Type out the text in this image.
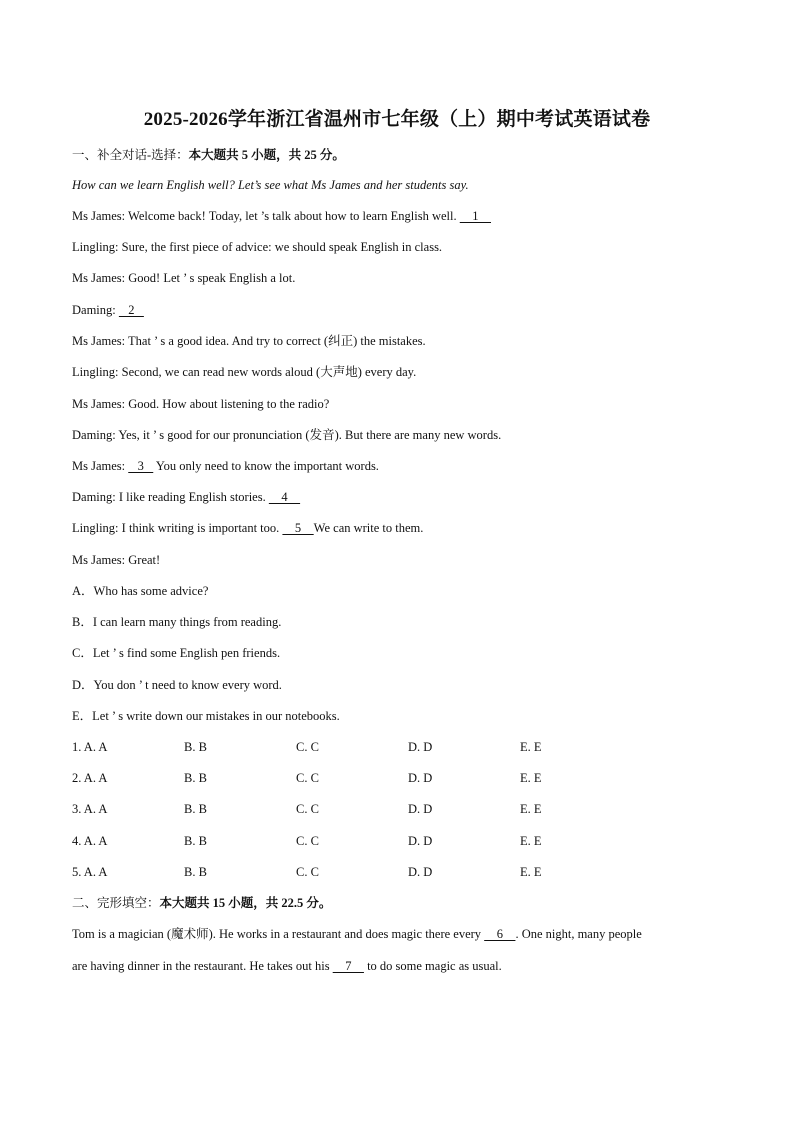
2025-2026学年浙江省温州市七年级（上）期中考试英语试卷
一、补全对话-选择：本大题共 5 小题，共 25 分。
How can we learn English well? Let’s see what Ms James and her students say.
Ms James: Welcome back! Today, let ’s talk about how to learn English well.     1
Lingling: Sure, the first piece of advice: we should speak English in class.
Ms James: Good! Let ’ s speak English a lot.
Daming:    2
Ms James: That ’ s a good idea. And try to correct (纠正) the mistakes.
Lingling: Second, we can read new words aloud (大声地) every day.
Ms James: Good. How about listening to the radio?
Daming: Yes, it ’ s good for our pronunciation (发音). But there are many new words.
Ms James:    3    You only need to know the important words.
Daming: I like reading English stories.     4
Lingling: I think writing is important too.     5    We can write to them.
Ms James: Great!
A．Who has some advice?
B．I can learn many things from reading.
C．Let ’ s find some English pen friends.
D．You don ’ t need to know every word.
E．Let ’ s write down our mistakes in our notebooks.
1. A. A	B. B	C. C	D. D	E. E
2. A. A	B. B	C. C	D. D	E. E
3. A. A	B. B	C. C	D. D	E. E
4. A. A	B. B	C. C	D. D	E. E
5. A. A	B. B	C. C	D. D	E. E
二、完形填空：本大题共 15 小题，共 22.5 分。
Tom is a magician (魔术师). He works in a restaurant and does magic there every     6    . One night, many people
are having dinner in the restaurant. He takes out his     7     to do some magic as usual.
